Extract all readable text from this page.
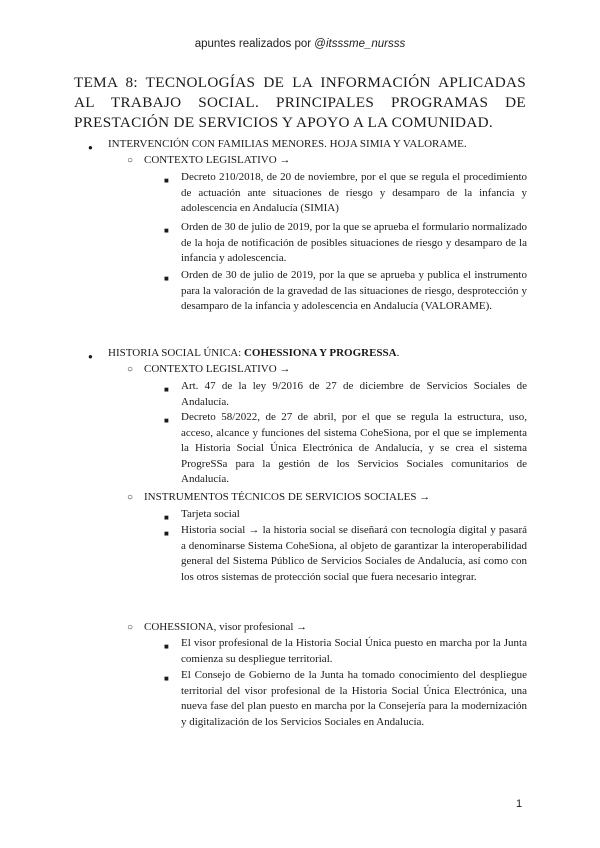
apuntes realizados por @itsssme_nursss
TEMA 8: TECNOLOGÍAS DE LA INFORMACIÓN APLICADAS AL TRABAJO SOCIAL. PRINCIPALES PROGRAMAS DE PRESTACIÓN DE SERVICIOS Y APOYO A LA COMUNIDAD.
● INTERVENCIÓN CON FAMILIAS MENORES. HOJA SIMIA Y VALORAME.
○ CONTEXTO LEGISLATIVO →
■ Decreto 210/2018, de 20 de noviembre, por el que se regula el procedimiento de actuación ante situaciones de riesgo y desamparo de la infancia y adolescencia en Andalucía (SIMIA)
■ Orden de 30 de julio de 2019, por la que se aprueba el formulario normalizado de la hoja de notificación de posibles situaciones de riesgo y desamparo de la infancia y adolescencia.
■ Orden de 30 de julio de 2019, por la que se aprueba y publica el instrumento para la valoración de la gravedad de las situaciones de riesgo, desprotección y desamparo de la infancia y adolescencia en Andalucía (VALORAME).
● HISTORIA SOCIAL ÚNICA: COHESSIONA Y PROGRESSA.
○ CONTEXTO LEGISLATIVO →
■ Art. 47 de la ley 9/2016 de 27 de diciembre de Servicios Sociales de Andalucía.
■ Decreto 58/2022, de 27 de abril, por el que se regula la estructura, uso, acceso, alcance y funciones del sistema CoheSiona, por el que se implementa la Historia Social Única Electrónica de Andalucía, y se crea el sistema ProgreSSa para la gestión de los Servicios Sociales comunitarios de Andalucía.
○ INSTRUMENTOS TÉCNICOS DE SERVICIOS SOCIALES →
■ Tarjeta social
■ Historia social → la historia social se diseñará con tecnología digital y pasará a denominarse Sistema CoheSiona, al objeto de garantizar la interoperabilidad general del Sistema Público de Servicios Sociales de Andalucía, así como con los otros sistemas de protección social que fuera necesario integrar.
○ COHESSIONA, visor profesional →
■ El visor profesional de la Historia Social Única puesto en marcha por la Junta comienza su despliegue territorial.
■ El Consejo de Gobierno de la Junta ha tomado conocimiento del despliegue territorial del visor profesional de la Historia Social Única Electrónica, una nueva fase del plan puesto en marcha por la Consejería para la modernización y digitalización de los Servicios Sociales en Andalucía.
1
